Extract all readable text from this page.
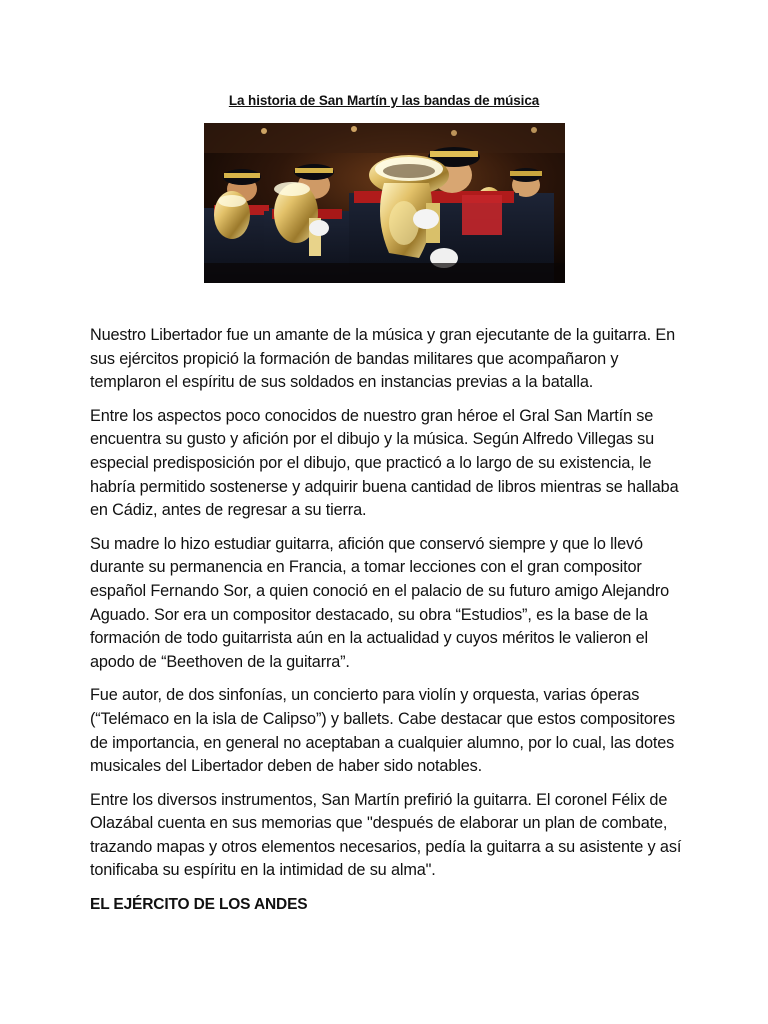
La historia de San Martín y las bandas de música

Nuestro Libertador fue un amante de la música y gran ejecutante de la guitarra. En sus ejércitos propició la formación de bandas militares que acompañaron y templaron el espíritu de sus soldados en instancias previas a la batalla.

Entre los aspectos poco conocidos de nuestro gran héroe el Gral San Martín se encuentra su gusto y afición por el dibujo y la música. Según Alfredo Villegas su especial predisposición por el dibujo, que practicó a lo largo de su existencia, le habría permitido sostenerse y adquirir buena cantidad de libros mientras se hallaba en Cádiz, antes de regresar a su tierra.

Su madre lo hizo estudiar guitarra, afición que conservó siempre y que lo llevó durante su permanencia en Francia, a tomar lecciones con el gran compositor español Fernando Sor, a quien conoció en el palacio de su futuro amigo Alejandro Aguado. Sor era un compositor destacado, su obra “Estudios”, es la base de la formación de todo guitarrista aún en la actualidad y cuyos méritos le valieron el apodo de “Beethoven de la guitarra”.

Fue autor, de dos sinfonías, un concierto para violín y orquesta, varias óperas (“Telémaco en la isla de Calipso”) y ballets. Cabe destacar que estos compositores de importancia, en general no aceptaban a cualquier alumno, por lo cual, las dotes musicales del Libertador deben de haber sido notables.

Entre los diversos instrumentos, San Martín prefirió la guitarra. El coronel Félix de Olazábal cuenta en sus memorias que "después de elaborar un plan de combate, trazando mapas y otros elementos necesarios, pedía la guitarra a su asistente y así tonificaba su espíritu en la intimidad de su alma".

EL EJÉRCITO DE LOS ANDES
